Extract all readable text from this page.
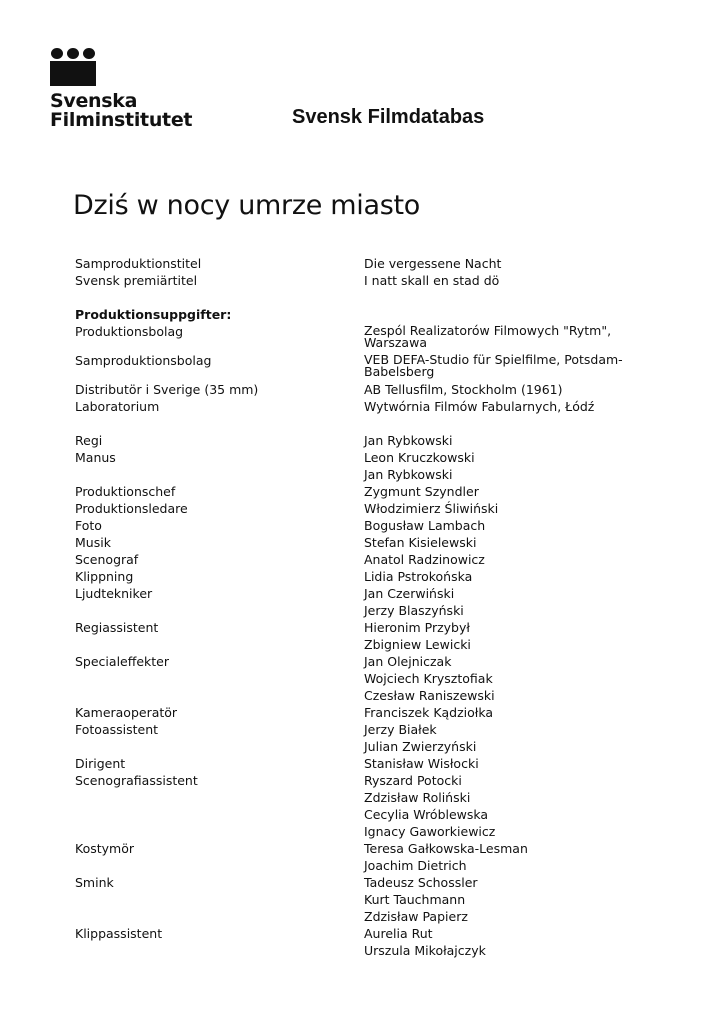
Svenska
Filminstitutet	Svensk Filmdatabas
Dziś w nocy umrze miasto
Samproduktionstitel	Die vergessene Nacht
Svensk premiärtitel	I natt skall en stad dö
Produktionsuppgifter:
Produktionsbolag	Zespól Realizatorów Filmowych "Rytm", Warszawa
Samproduktionsbolag	VEB DEFA-Studio für Spielfilme, Potsdam-Babelsberg
Distributör i Sverige (35 mm)	AB Tellusfilm, Stockholm (1961)
Laboratorium	Wytwórnia Filmów Fabularnych, Łódź
Regi	Jan Rybkowski
Manus	Leon Kruczkowski
Jan Rybkowski
Produktionschef	Zygmunt Szyndler
Produktionsledare	Włodzimierz Śliwiński
Foto	Bogusław Lambach
Musik	Stefan Kisielewski
Scenograf	Anatol Radzinowicz
Klippning	Lidia Pstrokońska
Ljudtekniker	Jan Czerwiński
Jerzy Blaszyński
Regiassistent	Hieronim Przybył
Zbigniew Lewicki
Specialeffekter	Jan Olejniczak
Wojciech Krysztofiak
Czesław Raniszewski
Kameraoperatör	Franciszek Kądziołka
Fotoassistent	Jerzy Białek
Julian Zwierzyński
Dirigent	Stanisław Wisłocki
Scenografiassistent	Ryszard Potocki
Zdzisław Roliński
Cecylia Wróblewska
Ignacy Gaworkiewicz
Kostymör	Teresa Gałkowska-Lesman
Joachim Dietrich
Smink	Tadeusz Schossler
Kurt Tauchmann
Zdzisław Papierz
Klippassistent	Aurelia Rut
Urszula Mikołajczyk
